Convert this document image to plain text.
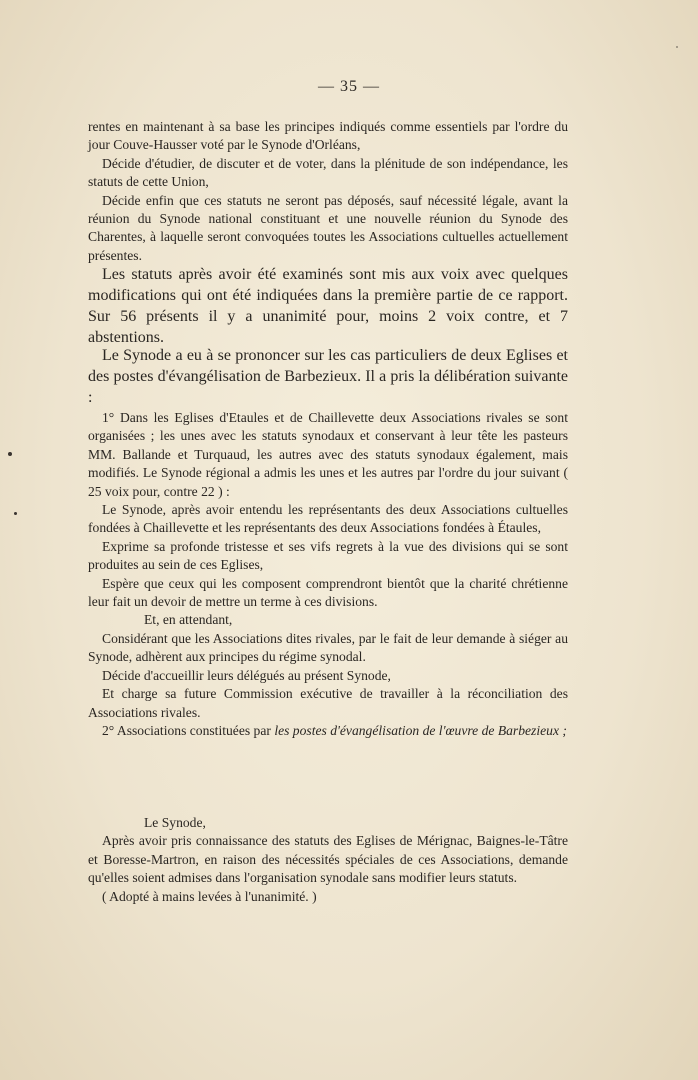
— 35 —

rentes en maintenant à sa base les principes indiqués comme essentiels par l'ordre du jour Couve-Hausser voté par le Synode d'Orléans,

Décide d'étudier, de discuter et de voter, dans la plénitude de son indépendance, les statuts de cette Union,

Décide enfin que ces statuts ne seront pas déposés, sauf nécessité légale, avant la réunion du Synode national constituant et une nouvelle réunion du Synode des Charentes, à laquelle seront convoquées toutes les Associations cultuelles actuellement présentes.

Les statuts après avoir été examinés sont mis aux voix avec quelques modifications qui ont été indiquées dans la première partie de ce rapport. Sur 56 présents il y a unanimité pour, moins 2 voix contre, et 7 abstentions.

Le Synode a eu à se prononcer sur les cas particuliers de deux Eglises et des postes d'évangélisation de Barbezieux. Il a pris la délibération suivante :

1° Dans les Eglises d'Etaules et de Chaillevette deux Associations rivales se sont organisées ; les unes avec les statuts synodaux et conservant à leur tête les pasteurs MM. Ballande et Turquaud, les autres avec des statuts synodaux également, mais modifiés. Le Synode régional a admis les unes et les autres par l'ordre du jour suivant ( 25 voix pour, contre 22 ) :

Le Synode, après avoir entendu les représentants des deux Associations cultuelles fondées à Chaillevette et les représentants des deux Associations fondées à Étaules,

Exprime sa profonde tristesse et ses vifs regrets à la vue des divisions qui se sont produites au sein de ces Eglises,

Espère que ceux qui les composent comprendront bientôt que la charité chrétienne leur fait un devoir de mettre un terme à ces divisions.

Et, en attendant,

Considérant que les Associations dites rivales, par le fait de leur demande à siéger au Synode, adhèrent aux principes du régime synodal.

Décide d'accueillir leurs délégués au présent Synode,

Et charge sa future Commission exécutive de travailler à la réconciliation des Associations rivales.

2° Associations constituées par les postes d'évangélisation de l'œuvre de Barbezieux ;

Le Synode,

Après avoir pris connaissance des statuts des Eglises de Mérignac, Baignes-le-Tâtre et Boresse-Martron, en raison des nécessités spéciales de ces Associations, demande qu'elles soient admises dans l'organisation synodale sans modifier leurs statuts.

( Adopté à mains levées à l'unanimité. )
